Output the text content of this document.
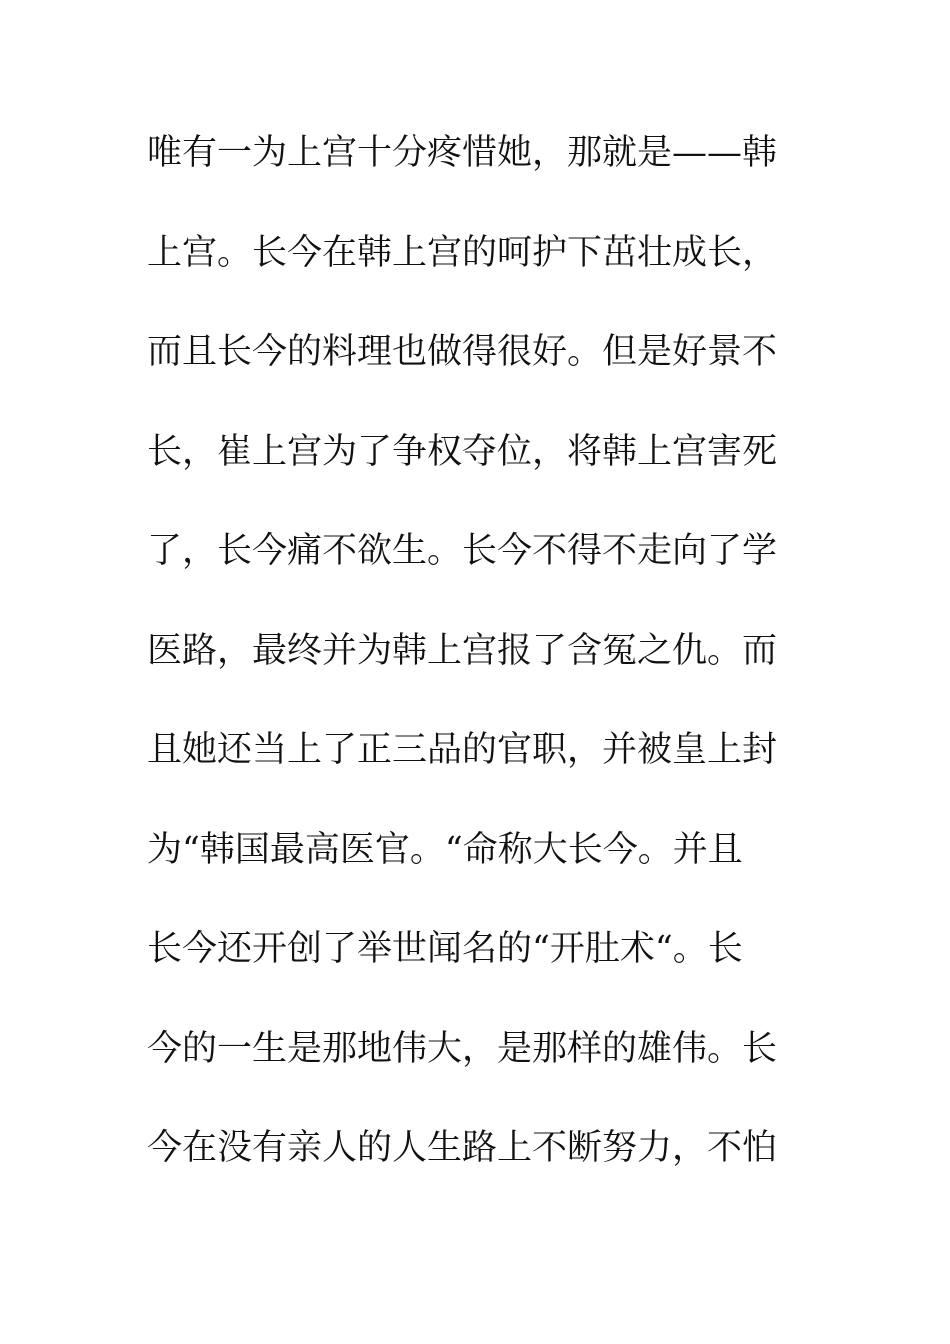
唯有一为上宫十分疼惜她，那就是——韩
上宫。长今在韩上宫的呵护下茁壮成长，
而且长今的料理也做得很好。但是好景不
长，崔上宫为了争权夺位，将韩上宫害死
了，长今痛不欲生。长今不得不走向了学
医路，最终并为韩上宫报了含冤之仇。而
且她还当上了正三品的官职，并被皇上封
为“韩国最高医官。“命称大长今。并且
长今还开创了举世闻名的“开肚术“。长
今的一生是那地伟大，是那样的雄伟。长
今在没有亲人的人生路上不断努力，不怕
